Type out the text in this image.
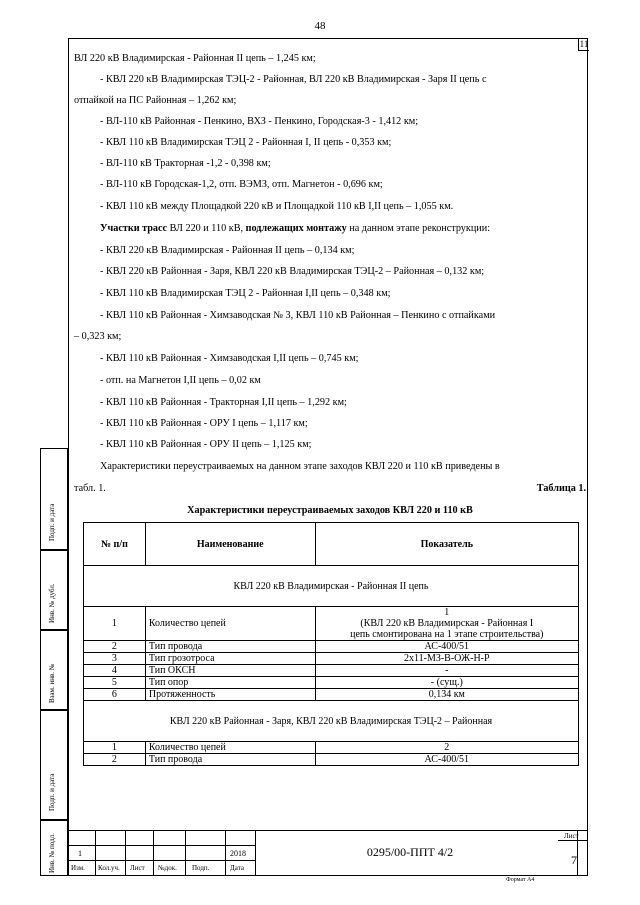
48
11
ВЛ 220 кВ Владимирская - Районная II цепь – 1,245 км;
- КВЛ 220 кВ Владимирская ТЭЦ-2 - Районная, ВЛ 220 кВ Владимирская - Заря II цепь с
отпайкой на ПС Районная – 1,262 км;
- ВЛ-110 кВ Районная - Пенкино, ВХЗ - Пенкино, Городская-3 - 1,412 км;
- КВЛ 110 кВ Владимирская ТЭЦ 2 - Районная I, II цепь - 0,353 км;
- ВЛ-110 кВ Тракторная -1,2 - 0,398 км;
- ВЛ-110 кВ Городская-1,2, отп. ВЭМЗ, отп. Магнетон - 0,696 км;
- КВЛ 110 кВ между Площадкой 220 кВ и Площадкой 110 кВ I,II цепь – 1,055 км.
Участки трасс ВЛ 220 и 110 кВ, подлежащих монтажу на данном этапе реконструкции:
- КВЛ 220 кВ Владимирская - Районная II цепь – 0,134 км;
- КВЛ 220 кВ Районная - Заря, КВЛ 220 кВ Владимирская ТЭЦ-2 – Районная – 0,132 км;
- КВЛ 110 кВ Владимирская ТЭЦ 2 - Районная I,II цепь – 0,348 км;
- КВЛ 110 кВ Районная - Химзаводская № 3, КВЛ 110 кВ Районная – Пенкино с отпайками
– 0,323 км;
- КВЛ 110 кВ Районная - Химзаводская I,II цепь – 0,745 км;
- отп. на Магнетон I,II цепь – 0,02 км
- КВЛ 110 кВ Районная - Тракторная I,II цепь – 1,292 км;
- КВЛ 110 кВ Районная - ОРУ I цепь – 1,117 км;
- КВЛ 110 кВ Районная - ОРУ II цепь – 1,125 км;
Характеристики переустраиваемых на данном этапе заходов КВЛ 220 и 110 кВ приведены в
табл. 1.	Таблица 1.
Характеристики переустраиваемых заходов КВЛ 220 и 110 кВ
№ п/п	Наименование	Показатель
КВЛ 220 кВ Владимирская - Районная II цепь		
1	Количество цепей	1
(КВЛ 220 кВ Владимирская - Районная I
цепь смонтирована на 1 этапе строительства)

2	Тип провода	АС-400/51
3	Тип грозотроса	2х11-МЗ-В-ОЖ-Н-Р
4	Тип ОКСН	-
5	Тип опор	- (сущ.)
6	Протяженность	0,134 км
КВЛ 220 кВ Районная - Заря, КВЛ 220 кВ Владимирская ТЭЦ-2 – Районная		
1	Количество цепей	2
2	Тип провода	АС-400/51
Подп. и дата
Инв. № дубл.
Взам. инв. №
Подп. и дата
Инв. № подл.	1	2018
Изм. Кол.уч. Лист №док. Подп.	Дата
0295/00-ППТ 4/2
Лист
7
Формат А4
